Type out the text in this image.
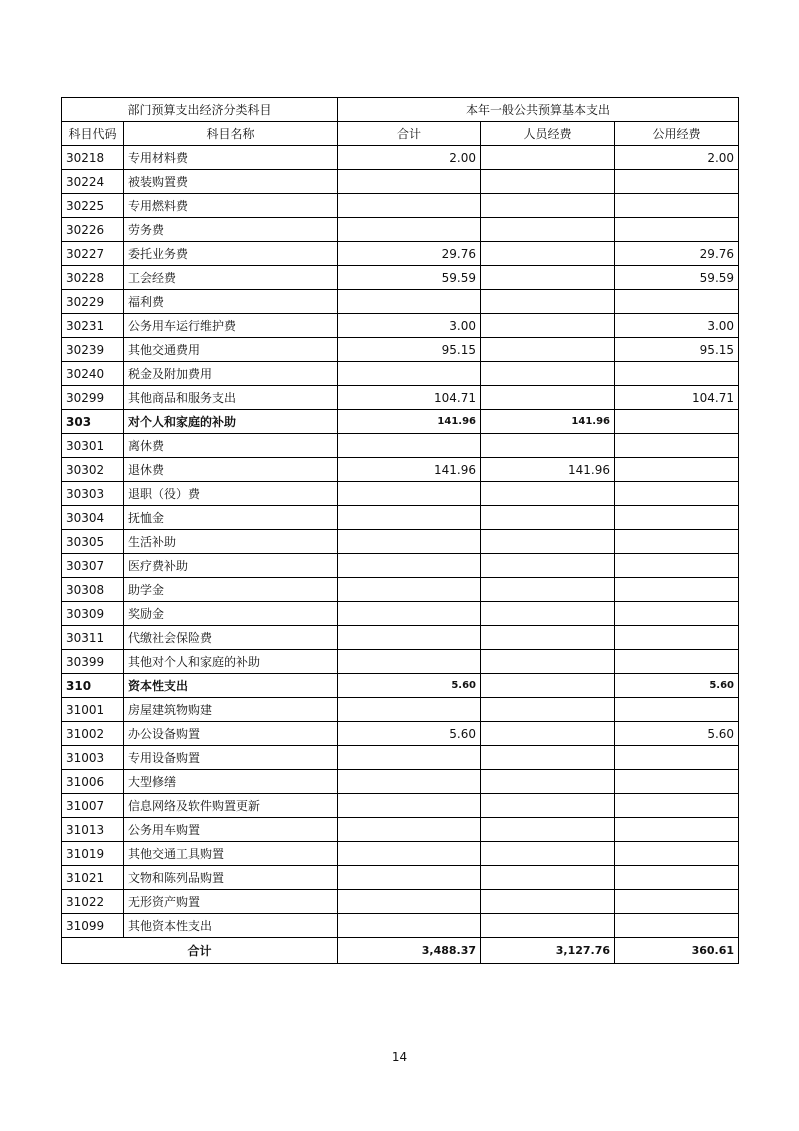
部门预算支出经济分类科目		本年一般公共预算基本支出		
科目代码	科目名称	合计	人员经费	公用经费
30218	专用材料费	2.00		2.00
30224	被装购置费			
30225	专用燃料费			
30226	劳务费			
30227	委托业务费	29.76		29.76
30228	工会经费	59.59		59.59
30229	福利费			
30231	公务用车运行维护费	3.00		3.00
30239	其他交通费用	95.15		95.15
30240	税金及附加费用			
30299	其他商品和服务支出	104.71		104.71
303	对个人和家庭的补助	141.96	141.96	
30301	离休费			
30302	退休费	141.96	141.96	
30303	退职（役）费			
30304	抚恤金			
30305	生活补助			
30307	医疗费补助			
30308	助学金			
30309	奖励金			
30311	代缴社会保险费			
30399	其他对个人和家庭的补助			
310	资本性支出	5.60		5.60
31001	房屋建筑物购建			
31002	办公设备购置	5.60		5.60
31003	专用设备购置			
31006	大型修缮			
31007	信息网络及软件购置更新			
31013	公务用车购置			
31019	其他交通工具购置			
31021	文物和陈列品购置			
31022	无形资产购置			
31099	其他资本性支出			
合计		3,488.37	3,127.76	360.61
14
